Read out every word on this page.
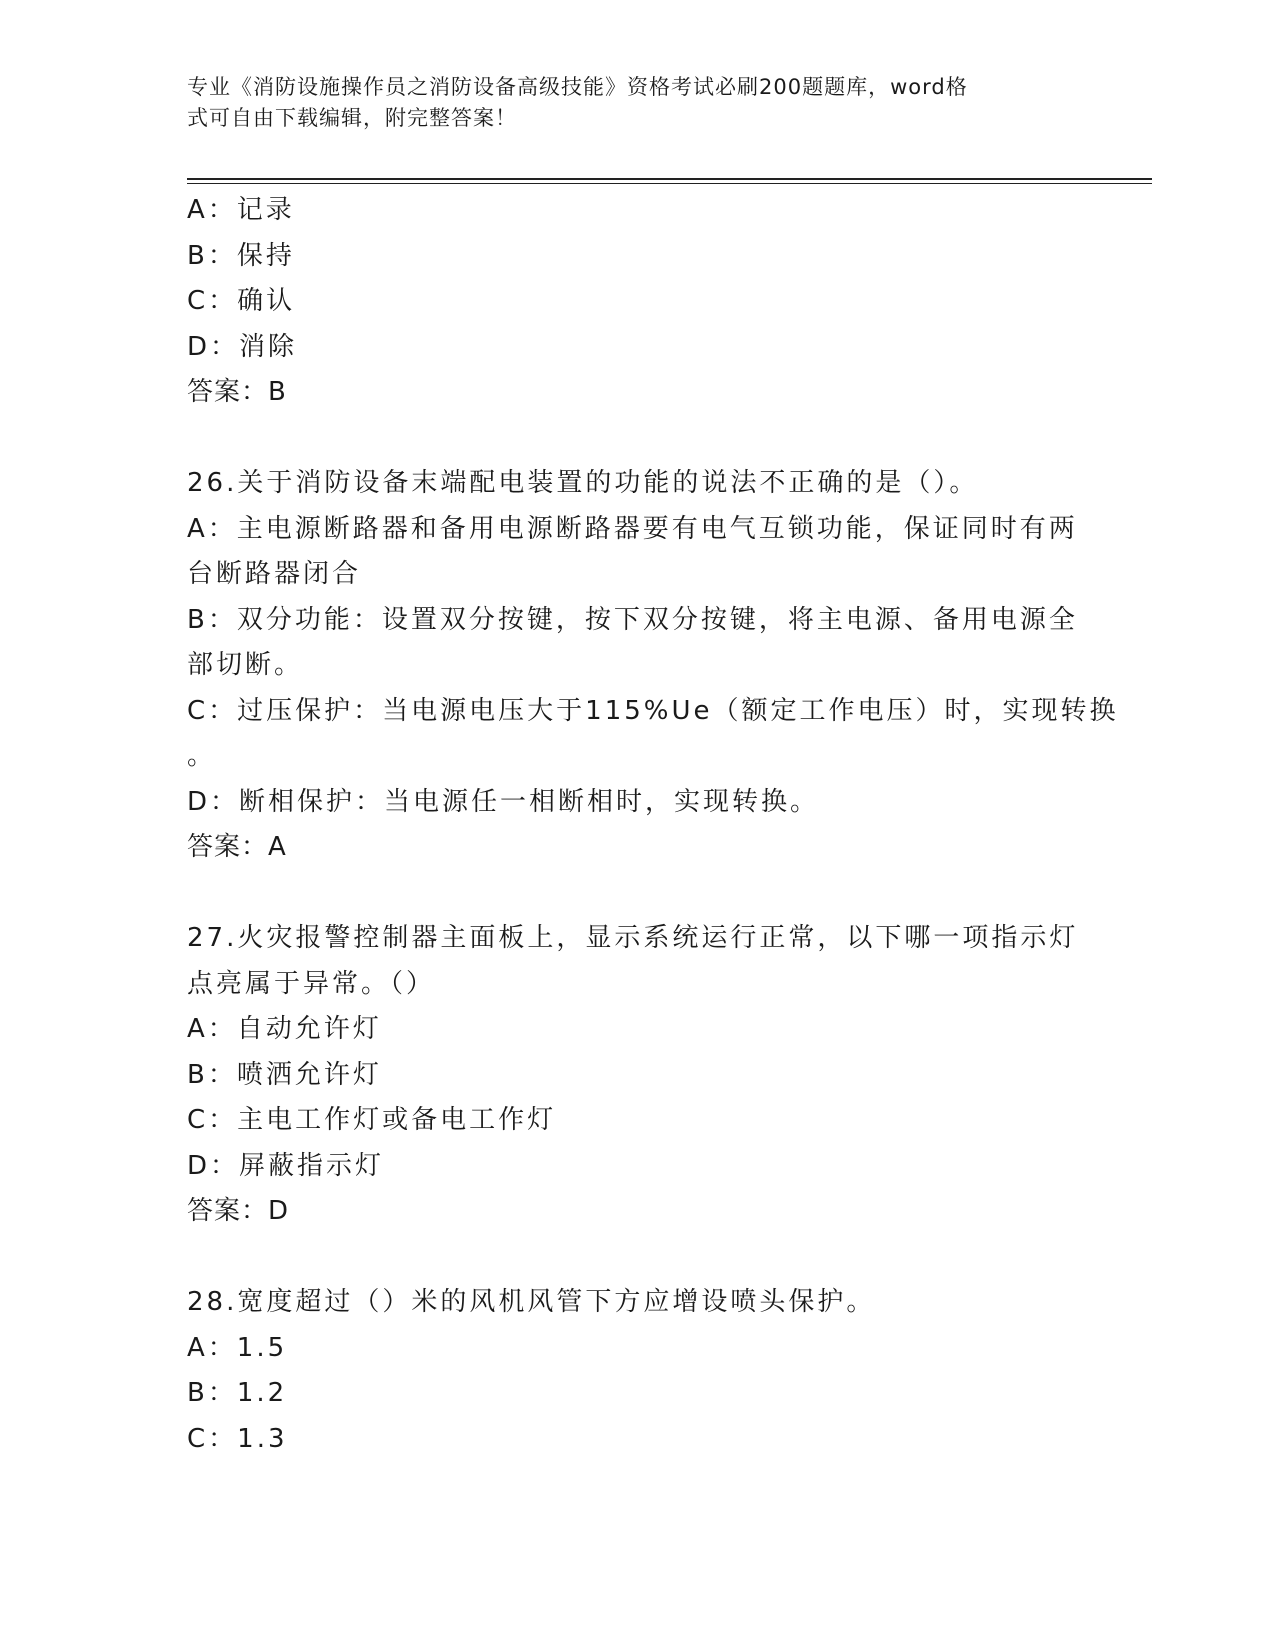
专业《消防设施操作员之消防设备高级技能》资格考试必刷200题题库，word格
式可自由下载编辑，附完整答案！
A：记录
B：保持
C：确认
D：消除
答案：B
26.关于消防设备末端配电装置的功能的说法不正确的是（）。
A：主电源断路器和备用电源断路器要有电气互锁功能，保证同时有两
台断路器闭合
B：双分功能：设置双分按键，按下双分按键，将主电源、备用电源全
部切断。
C：过压保护：当电源电压大于115%Ue（额定工作电压）时，实现转换
。
D：断相保护：当电源任一相断相时，实现转换。
答案：A
27.火灾报警控制器主面板上，显示系统运行正常，以下哪一项指示灯
点亮属于异常。（）
A：自动允许灯
B：喷洒允许灯
C：主电工作灯或备电工作灯
D：屏蔽指示灯
答案：D
28.宽度超过（）米的风机风管下方应增设喷头保护。
A：1.5
B：1.2
C：1.3
